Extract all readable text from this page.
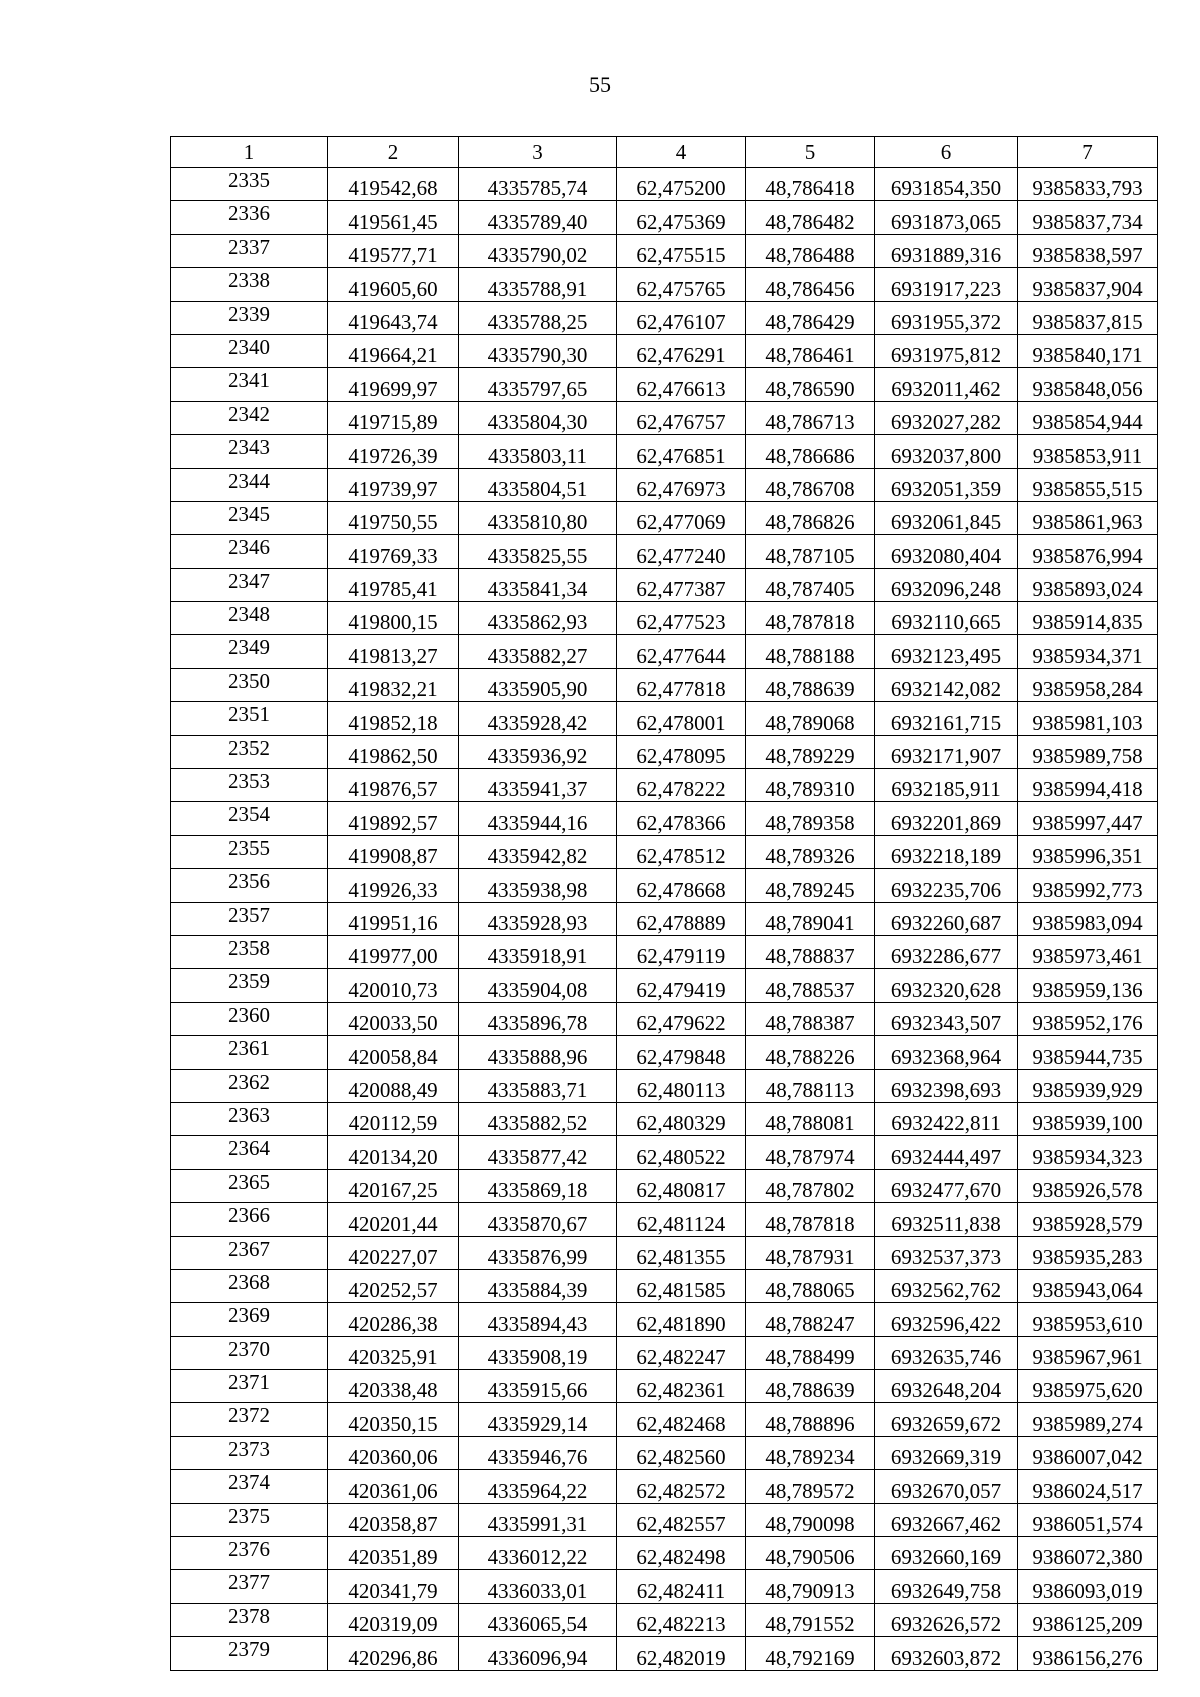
55
1	2	3	4	5	6	7
2335	419542,68	4335785,74	62,475200	48,786418	6931854,350	9385833,793
2336	419561,45	4335789,40	62,475369	48,786482	6931873,065	9385837,734
2337	419577,71	4335790,02	62,475515	48,786488	6931889,316	9385838,597
2338	419605,60	4335788,91	62,475765	48,786456	6931917,223	9385837,904
2339	419643,74	4335788,25	62,476107	48,786429	6931955,372	9385837,815
2340	419664,21	4335790,30	62,476291	48,786461	6931975,812	9385840,171
2341	419699,97	4335797,65	62,476613	48,786590	6932011,462	9385848,056
2342	419715,89	4335804,30	62,476757	48,786713	6932027,282	9385854,944
2343	419726,39	4335803,11	62,476851	48,786686	6932037,800	9385853,911
2344	419739,97	4335804,51	62,476973	48,786708	6932051,359	9385855,515
2345	419750,55	4335810,80	62,477069	48,786826	6932061,845	9385861,963
2346	419769,33	4335825,55	62,477240	48,787105	6932080,404	9385876,994
2347	419785,41	4335841,34	62,477387	48,787405	6932096,248	9385893,024
2348	419800,15	4335862,93	62,477523	48,787818	6932110,665	9385914,835
2349	419813,27	4335882,27	62,477644	48,788188	6932123,495	9385934,371
2350	419832,21	4335905,90	62,477818	48,788639	6932142,082	9385958,284
2351	419852,18	4335928,42	62,478001	48,789068	6932161,715	9385981,103
2352	419862,50	4335936,92	62,478095	48,789229	6932171,907	9385989,758
2353	419876,57	4335941,37	62,478222	48,789310	6932185,911	9385994,418
2354	419892,57	4335944,16	62,478366	48,789358	6932201,869	9385997,447
2355	419908,87	4335942,82	62,478512	48,789326	6932218,189	9385996,351
2356	419926,33	4335938,98	62,478668	48,789245	6932235,706	9385992,773
2357	419951,16	4335928,93	62,478889	48,789041	6932260,687	9385983,094
2358	419977,00	4335918,91	62,479119	48,788837	6932286,677	9385973,461
2359	420010,73	4335904,08	62,479419	48,788537	6932320,628	9385959,136
2360	420033,50	4335896,78	62,479622	48,788387	6932343,507	9385952,176
2361	420058,84	4335888,96	62,479848	48,788226	6932368,964	9385944,735
2362	420088,49	4335883,71	62,480113	48,788113	6932398,693	9385939,929
2363	420112,59	4335882,52	62,480329	48,788081	6932422,811	9385939,100
2364	420134,20	4335877,42	62,480522	48,787974	6932444,497	9385934,323
2365	420167,25	4335869,18	62,480817	48,787802	6932477,670	9385926,578
2366	420201,44	4335870,67	62,481124	48,787818	6932511,838	9385928,579
2367	420227,07	4335876,99	62,481355	48,787931	6932537,373	9385935,283
2368	420252,57	4335884,39	62,481585	48,788065	6932562,762	9385943,064
2369	420286,38	4335894,43	62,481890	48,788247	6932596,422	9385953,610
2370	420325,91	4335908,19	62,482247	48,788499	6932635,746	9385967,961
2371	420338,48	4335915,66	62,482361	48,788639	6932648,204	9385975,620
2372	420350,15	4335929,14	62,482468	48,788896	6932659,672	9385989,274
2373	420360,06	4335946,76	62,482560	48,789234	6932669,319	9386007,042
2374	420361,06	4335964,22	62,482572	48,789572	6932670,057	9386024,517
2375	420358,87	4335991,31	62,482557	48,790098	6932667,462	9386051,574
2376	420351,89	4336012,22	62,482498	48,790506	6932660,169	9386072,380
2377	420341,79	4336033,01	62,482411	48,790913	6932649,758	9386093,019
2378	420319,09	4336065,54	62,482213	48,791552	6932626,572	9386125,209
2379	420296,86	4336096,94	62,482019	48,792169	6932603,872	9386156,276
